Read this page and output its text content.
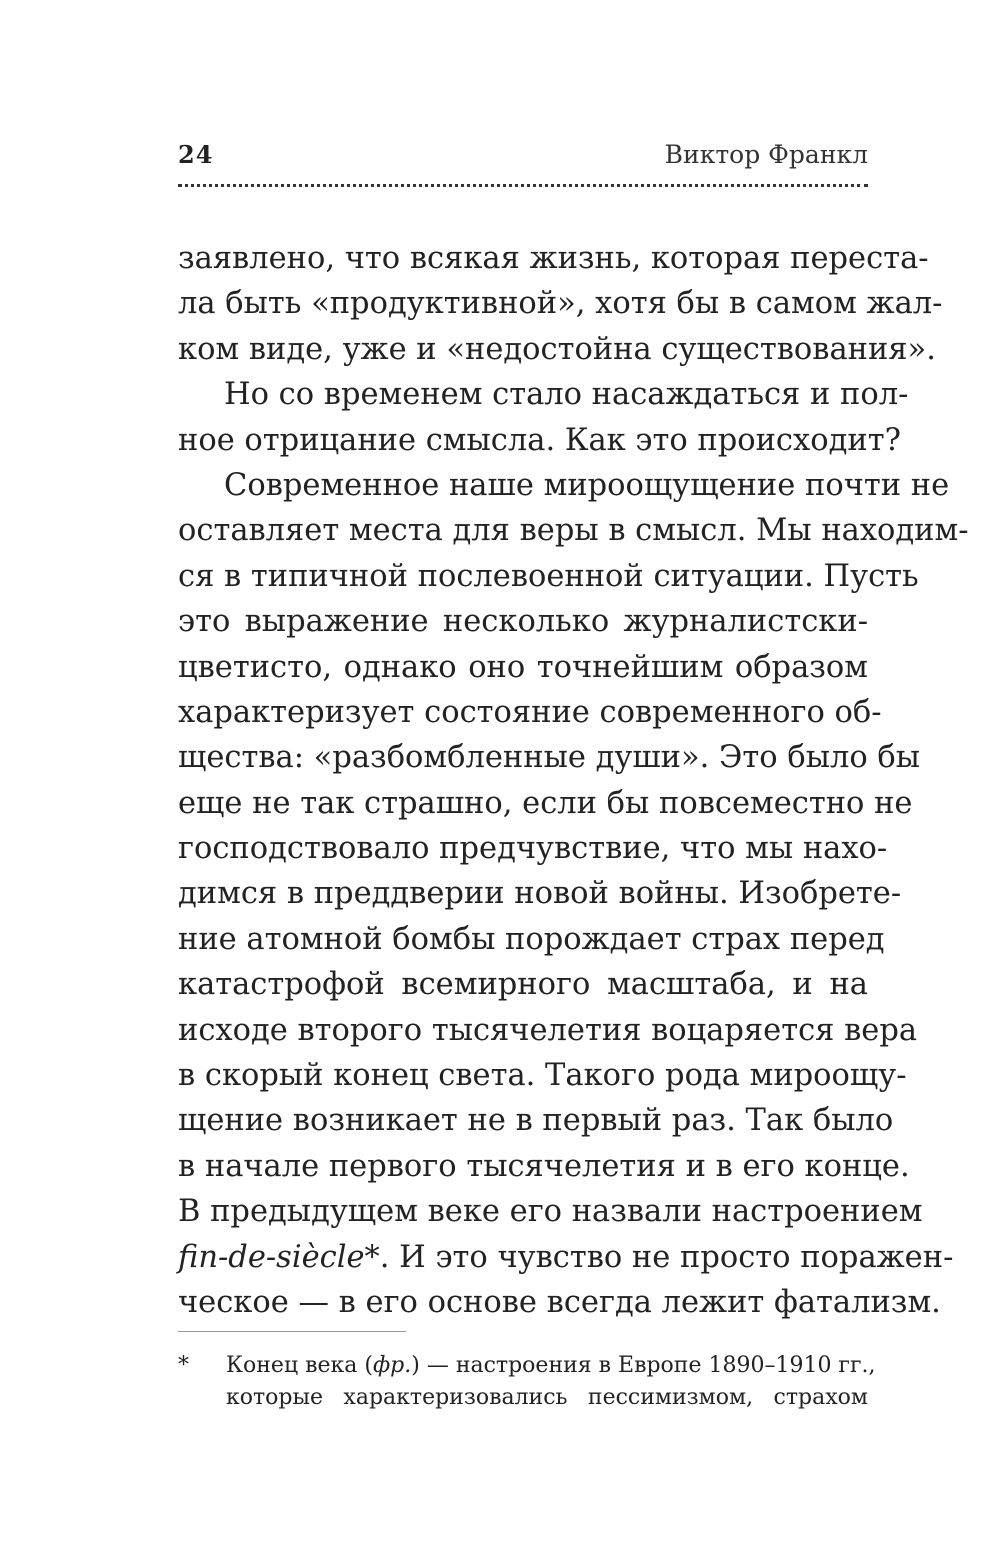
24	Виктор Франкл
заявлено, что всякая жизнь, которая переста-
ла быть «продуктивной», хотя бы в самом жал-
ком виде, уже и «недостойна существования».
Но со временем стало насаждаться и пол-
ное отрицание смысла. Как это происходит?
Современное наше мироощущение почти не
оставляет места для веры в смысл. Мы находим-
ся в типичной послевоенной ситуации. Пусть
это выражение несколько журналистски-
цветисто, однако оно точнейшим образом
характеризует состояние современного об-
щества: «разбомбленные души». Это было бы
еще не так страшно, если бы повсеместно не
господствовало предчувствие, что мы нахо-
димся в преддверии новой войны. Изобрете-
ние атомной бомбы порождает страх перед
катастрофой всемирного масштаба, и на
исходе второго тысячелетия воцаряется вера
в скорый конец света. Такого рода мироощу-
щение возникает не в первый раз. Так было
в начале первого тысячелетия и в его конце.
В предыдущем веке его назвали настроением
fin-de-siècle*. И это чувство не просто поражен-
ческое — в его основе всегда лежит фатализм.
* Конец века (фр.) — настроения в Европе 1890–1910 гг.,
которые характеризовались пессимизмом, страхом
